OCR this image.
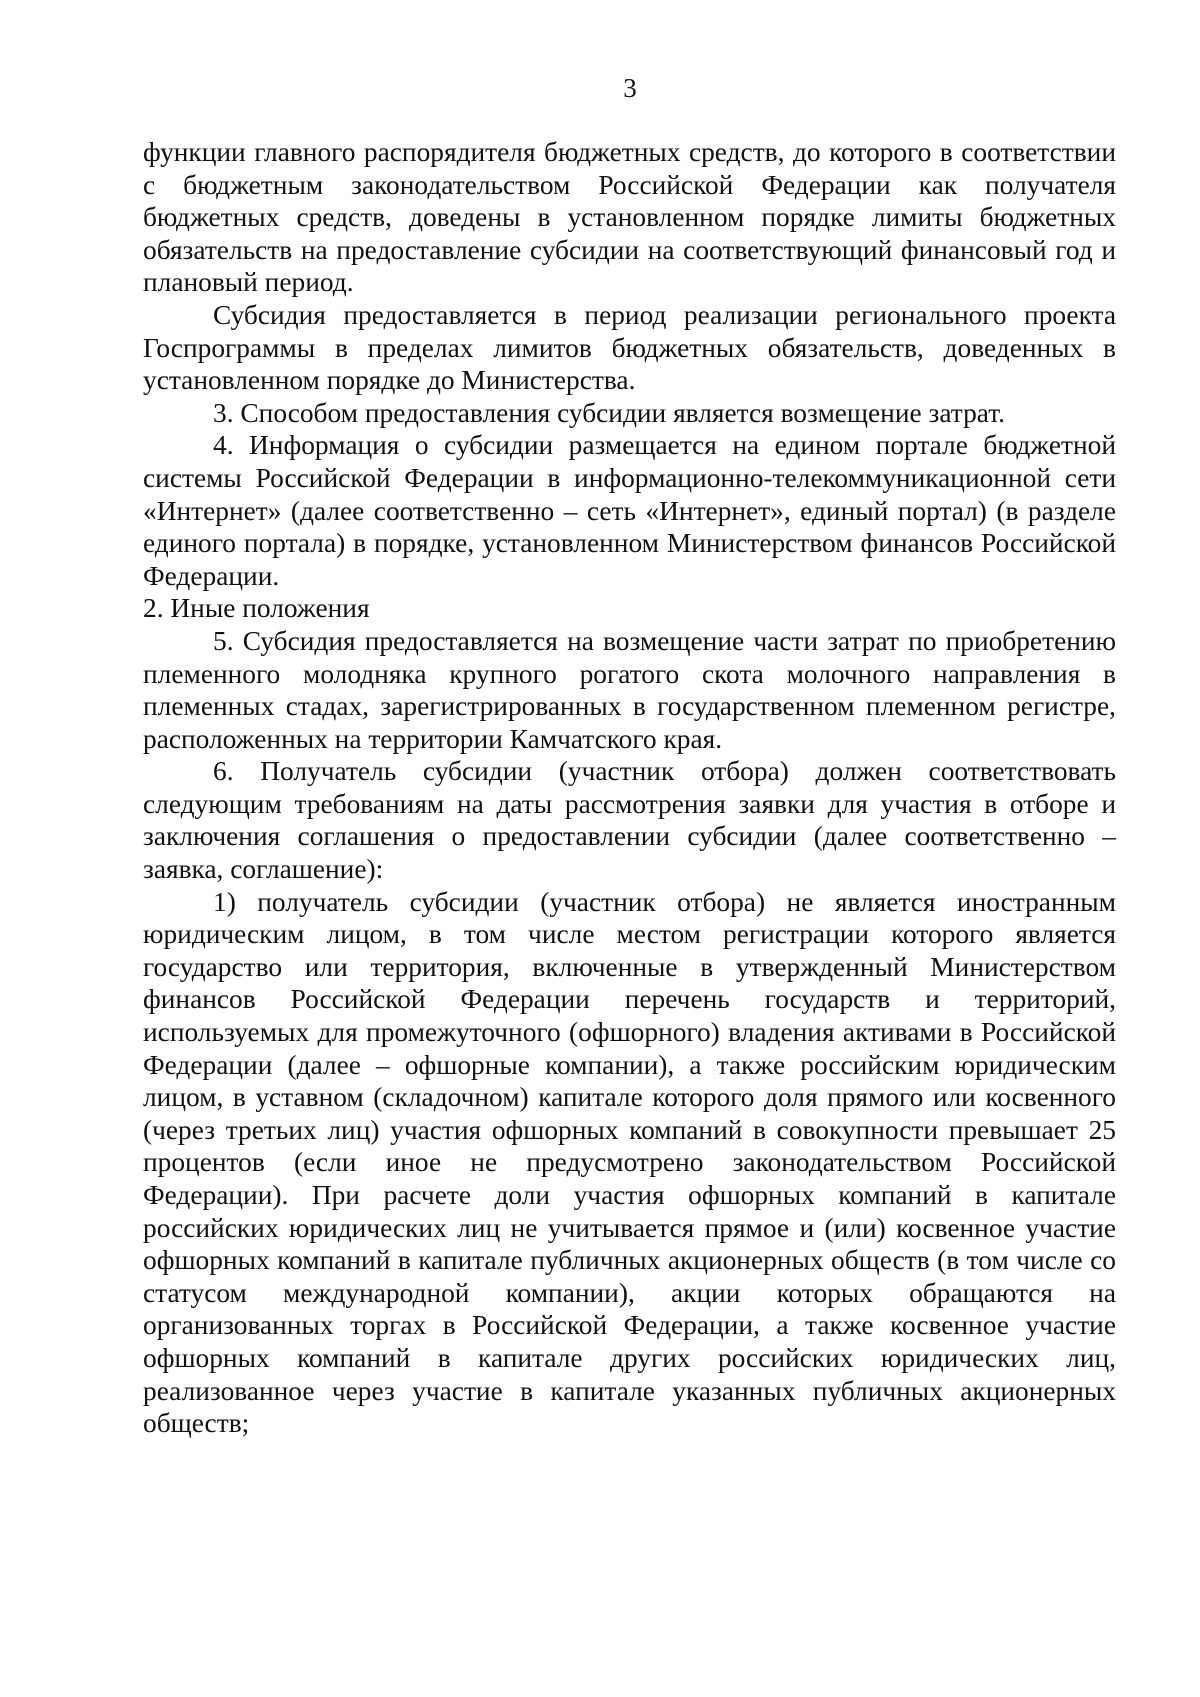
3

функции главного распорядителя бюджетных средств, до которого в соответствии с бюджетным законодательством Российской Федерации как получателя бюджетных средств, доведены в установленном порядке лимиты бюджетных обязательств на предоставление субсидии на соответствующий финансовый год и плановый период.

Субсидия предоставляется в период реализации регионального проекта Госпрограммы в пределах лимитов бюджетных обязательств, доведенных в установленном порядке до Министерства.

3. Способом предоставления субсидии является возмещение затрат.

4. Информация о субсидии размещается на едином портале бюджетной системы Российской Федерации в информационно-телекоммуникационной сети «Интернет» (далее соответственно – сеть «Интернет», единый портал) (в разделе единого портала) в порядке, установленном Министерством финансов Российской Федерации.

2. Иные положения

5. Субсидия предоставляется на возмещение части затрат по приобретению племенного молодняка крупного рогатого скота молочного направления в племенных стадах, зарегистрированных в государственном племенном регистре, расположенных на территории Камчатского края.

6. Получатель субсидии (участник отбора) должен соответствовать следующим требованиям на даты рассмотрения заявки для участия в отборе и заключения соглашения о предоставлении субсидии (далее соответственно – заявка, соглашение):

1) получатель субсидии (участник отбора) не является иностранным юридическим лицом, в том числе местом регистрации которого является государство или территория, включенные в утвержденный Министерством финансов Российской Федерации перечень государств и территорий, используемых для промежуточного (офшорного) владения активами в Российской Федерации (далее – офшорные компании), а также российским юридическим лицом, в уставном (складочном) капитале которого доля прямого или косвенного (через третьих лиц) участия офшорных компаний в совокупности превышает 25 процентов (если иное не предусмотрено законодательством Российской Федерации). При расчете доли участия офшорных компаний в капитале российских юридических лиц не учитывается прямое и (или) косвенное участие офшорных компаний в капитале публичных акционерных обществ (в том числе со статусом международной компании), акции которых обращаются на организованных торгах в Российской Федерации, а также косвенное участие офшорных компаний в капитале других российских юридических лиц, реализованное через участие в капитале указанных публичных акционерных обществ;
